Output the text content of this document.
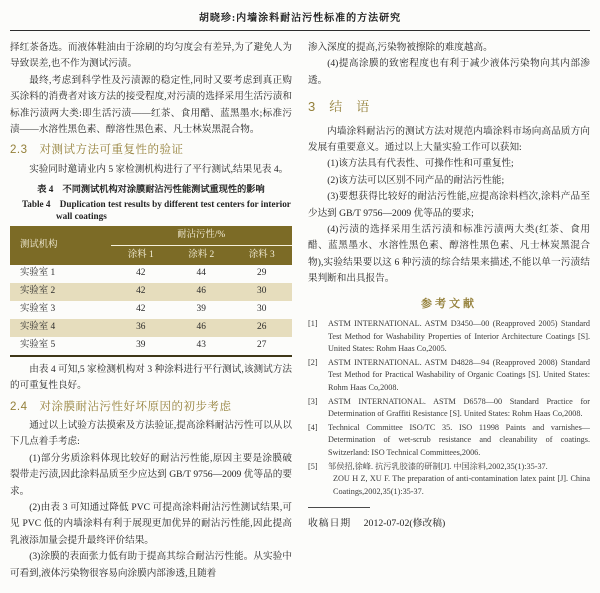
胡晓珍:内墙涂料耐沾污性标准的方法研究

择红茶备选。而液体鞋油由于涂刷的均匀度会有差异,为了避免人为导致误差,也不作为测试污渍。

最终,考虑到科学性及污渍源的稳定性,同时又要考虑到真正购买涂料的消费者对该方法的接受程度,对污渍的选择采用生活污渍和标准污渍两大类:即生活污渍——红茶、食用醋、蓝黑墨水;标准污渍——水溶性黑色素、醇溶性黑色素、凡士林炭黑混合物。

2.3　对测试方法可重复性的验证

实验同时邀请业内 5 家检测机构进行了平行测试,结果见表 4。

表 4　不同测试机构对涂膜耐沾污性能测试重现性的影响
Table 4　Duplication test results by different test centers for interior wall coatings
测试机构	耐沾污性/%		
	涂料 1	涂料 2	涂料 3
实验室 1	42	44	29
实验室 2	42	46	30
实验室 3	42	39	30
实验室 4	36	46	26
实验室 5	39	43	27

由表 4 可知,5 家检测机构对 3 种涂料进行平行测试,该测试方法的可重复性良好。

2.4　对涂膜耐沾污性好坏原因的初步考虑

通过以上试验方法摸索及方法验证,提高涂料耐沾污性可以从以下几点着手考虑:

(1)部分劣质涂料体现比较好的耐沾污性能,原因主要是涂膜破裂带走污渍,因此涂料品质至少应达到 GB/T 9756—2009 优等品的要求。

(2)由表 3 可知通过降低 PVC 可提高涂料耐沾污性测试结果,可见 PVC 低的内墙涂料有利于展现更加优异的耐沾污性能,因此提高乳液添加量会提升最终评价结果。

(3)涂膜的表面张力低有助于提高其综合耐沾污性能。从实验中可看到,液体污染物很容易向涂膜内部渗透,且随着

渗入深度的提高,污染物被擦除的难度越高。

(4)提高涂膜的致密程度也有利于减少液体污染物向其内部渗透。

3　结　语

内墙涂料耐沾污的测试方法对规范内墙涂料市场向高品质方向发展有重要意义。通过以上大量实验工作可以获知:

(1)该方法具有代表性、可操作性和可重复性;

(2)该方法可以区别不同产品的耐沾污性能;

(3)要想获得比较好的耐沾污性能,应提高涂料档次,涂料产品至少达到 GB/T 9756—2009 优等品的要求;

(4)污渍的选择采用生活污渍和标准污渍两大类(红茶、食用醋、蓝黑墨水、水溶性黑色素、醇溶性黑色素、凡士林炭黑混合物),实验结果要以这 6 种污渍的综合结果来描述,不能以单一污渍结果判断和出具报告。

参考文献
[1] ASTM INTERNATIONAL. ASTM D3450—00 (Reapproved 2005) Standard Test Method for Washability Properties of Interior Architecture Coatings [S]. United States: Rohm Haas Co,2005.
[2] ASTM INTERNATIONAL. ASTM D4828—94 (Reapproved 2008) Standard Test Method for Practical Washability of Organic Coatings [S]. United States: Rohm Haas Co,2008.
[3] ASTM INTERNATIONAL. ASTM D6578—00 Standard Practice for Determination of Graffiti Resistance [S]. United States: Rohm Haas Co,2008.
[4] Technical Committee ISO/TC 35. ISO 11998 Paints and varnishes—Determination of wet-scrub resistance and cleanability of coatings. Switzerland: ISO Technical Committees,2006.
[5] 邹侯招,徐峰. 抗污乳胶漆的研制[J]. 中国涂料,2002,35(1):35-37.
ZOU H Z, XU F. The preparation of anti-contamination latex paint [J]. China Coatings,2002,35(1):35-37.
收稿日期 2012-07-02(修改稿)
